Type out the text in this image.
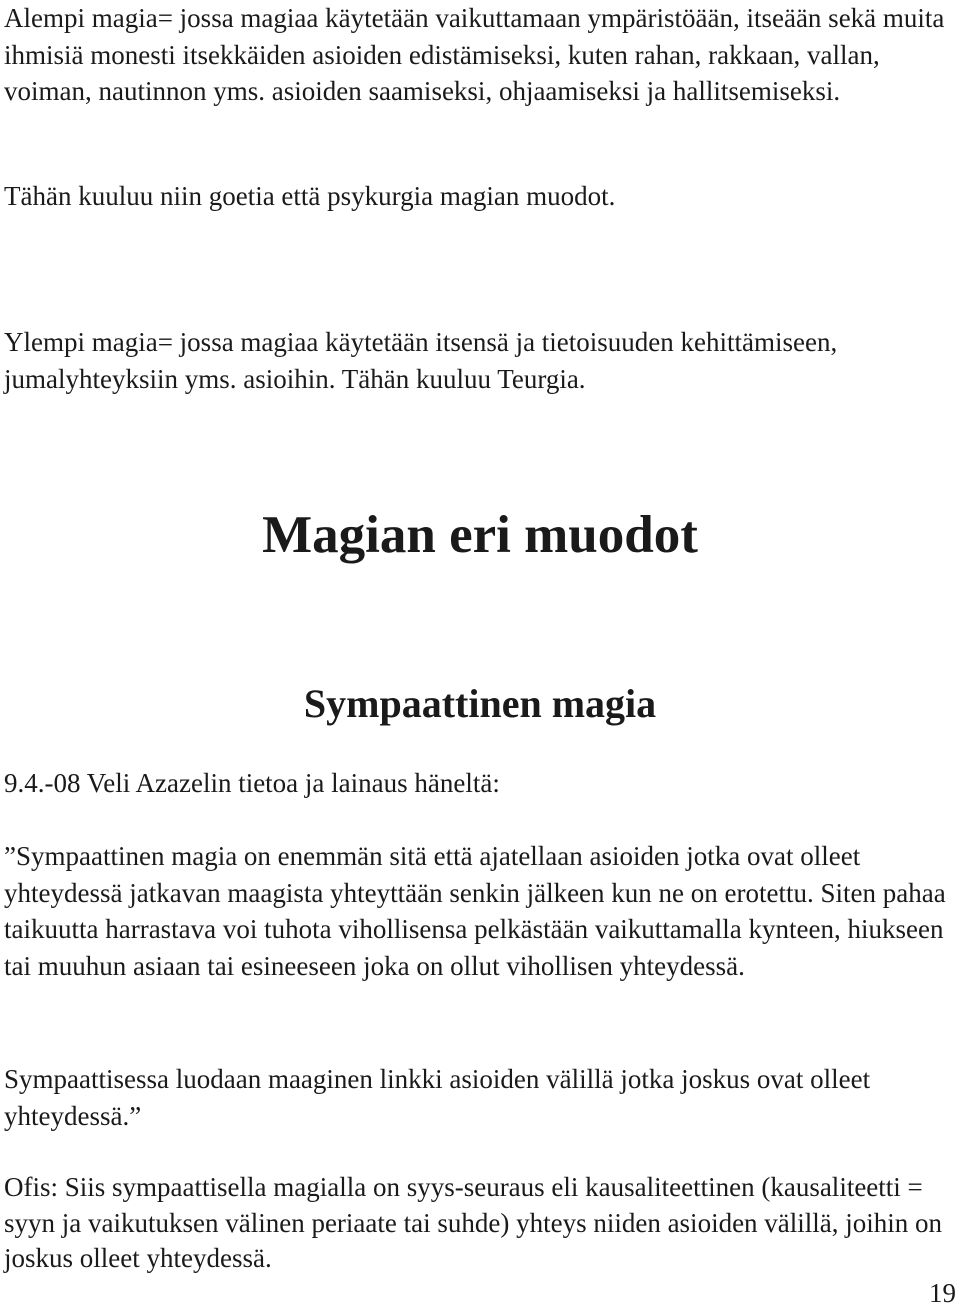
Alempi magia= jossa magiaa käytetään vaikuttamaan ympäristöään, itseään sekä muita ihmisiä monesti itsekkäiden asioiden edistämiseksi, kuten rahan, rakkaan, vallan, voiman, nautinnon yms. asioiden saamiseksi, ohjaamiseksi ja hallitsemiseksi.

Tähän kuuluu niin goetia että psykurgia magian muodot.

Ylempi magia= jossa magiaa käytetään itsensä ja tietoisuuden kehittämiseen, jumalyhteyksiin yms. asioihin. Tähän kuuluu Teurgia.

Magian eri muodot
Sympaattinen magia

9.4.-08 Veli Azazelin tietoa ja lainaus häneltä:

”Sympaattinen magia on enemmän sitä että ajatellaan asioiden jotka ovat olleet yhteydessä jatkavan maagista yhteyttään senkin jälkeen kun ne on erotettu. Siten pahaa taikuutta harrastava voi tuhota vihollisensa pelkästään vaikuttamalla kynteen, hiukseen tai muuhun asiaan tai esineeseen joka on ollut vihollisen yhteydessä.

Sympaattisessa luodaan maaginen linkki asioiden välillä jotka joskus ovat olleet yhteydessä.”

Ofis: Siis sympaattisella magialla on syys-seuraus eli kausaliteettinen (kausaliteetti = syyn ja vaikutuksen välinen periaate tai suhde) yhteys niiden asioiden välillä, joihin on joskus olleet yhteydessä.

19
